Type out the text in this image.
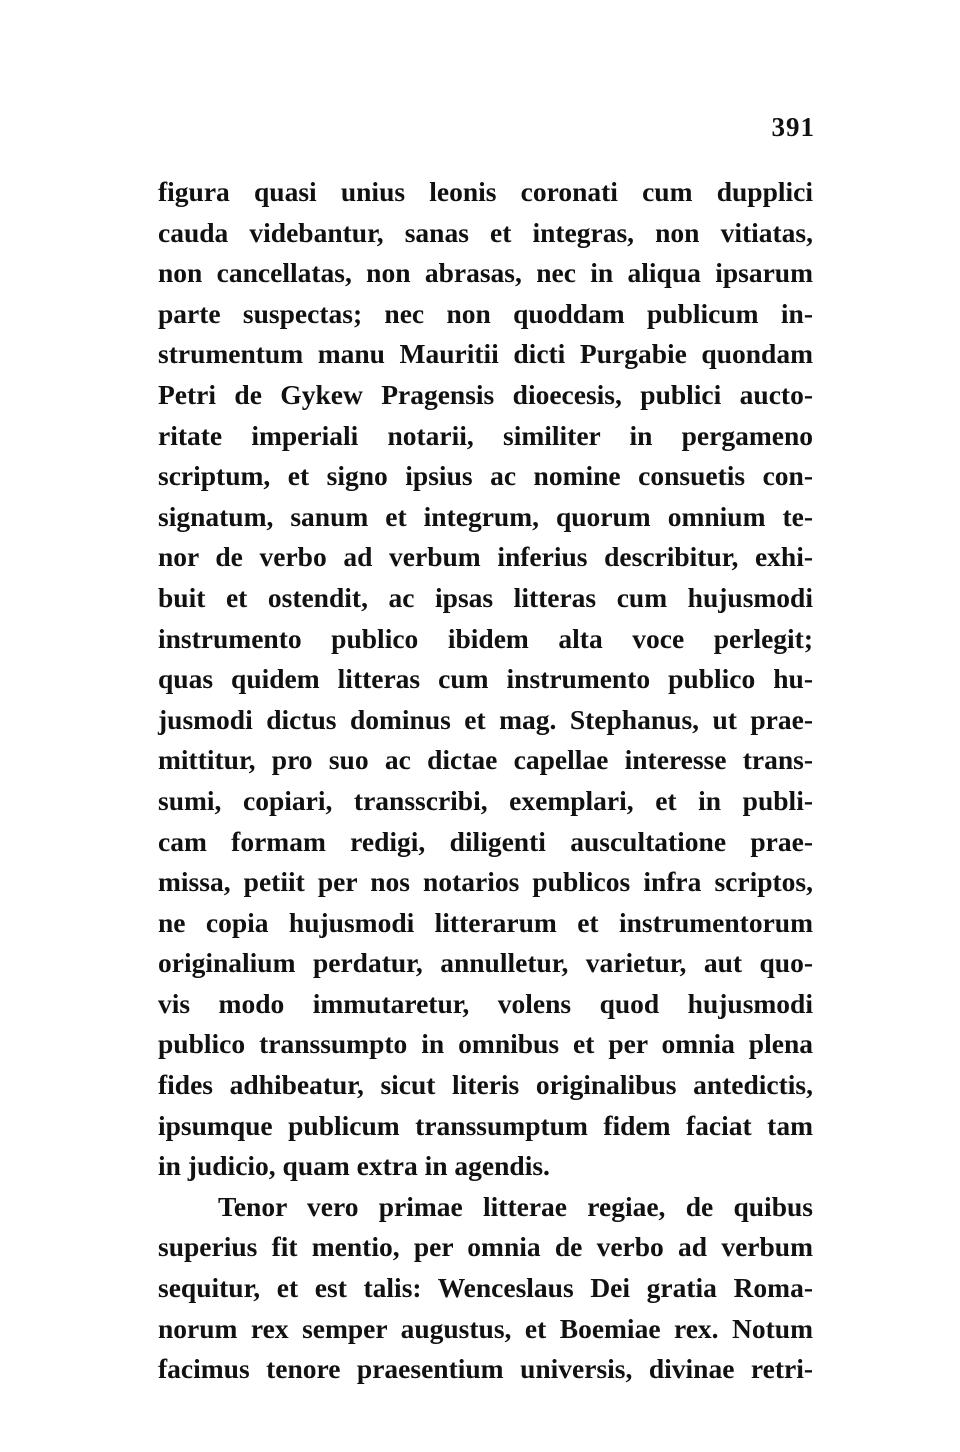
391
figura quasi unius leonis coronati cum dupplici
cauda videbantur, sanas et integras, non vitiatas,
non cancellatas, non abrasas, nec in aliqua ipsarum
parte suspectas; nec non quoddam publicum in-
strumentum manu Mauritii dicti Purgabie quondam
Petri de Gykew Pragensis dioecesis, publici aucto-
ritate imperiali notarii, similiter in pergameno
scriptum, et signo ipsius ac nomine consuetis con-
signatum, sanum et integrum, quorum omnium te-
nor de verbo ad verbum inferius describitur, exhi-
buit et ostendit, ac ipsas litteras cum hujusmodi
instrumento publico ibidem alta voce perlegit;
quas quidem litteras cum instrumento publico hu-
jusmodi dictus dominus et mag. Stephanus, ut prae-
mittitur, pro suo ac dictae capellae interesse trans-
sumi, copiari, transscribi, exemplari, et in publi-
cam formam redigi, diligenti auscultatione prae-
missa, petiit per nos notarios publicos infra scriptos,
ne copia hujusmodi litterarum et instrumentorum
originalium perdatur, annulletur, varietur, aut quo-
vis modo immutaretur, volens quod hujusmodi
publico transsumpto in omnibus et per omnia plena
fides adhibeatur, sicut literis originalibus antedictis,
ipsumque publicum transsumptum fidem faciat tam
in judicio, quam extra in agendis.
Tenor vero primae litterae regiae, de quibus
superius fit mentio, per omnia de verbo ad verbum
sequitur, et est talis: Wenceslaus Dei gratia Roma-
norum rex semper augustus, et Boemiae rex. Notum
facimus tenore praesentium universis, divinae retri-
